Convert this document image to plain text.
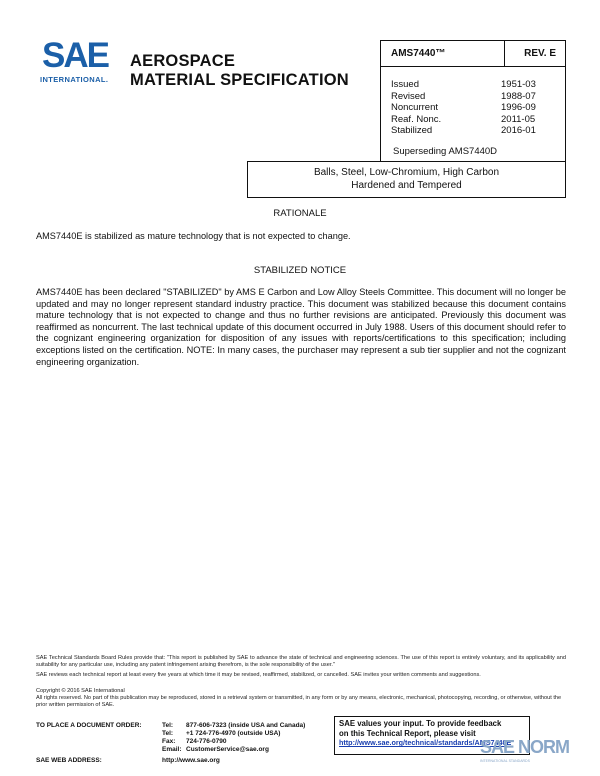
SAE
INTERNATIONAL.
AEROSPACE
MATERIAL SPECIFICATION
AMS7440™	REV. E
Issued	1951-03
Revised	1988-07
Noncurrent	1996-09
Reaf. Nonc.	2011-05
Stabilized	2016-01
Superseding AMS7440D
Balls, Steel, Low-Chromium, High Carbon
Hardened and Tempered
RATIONALE
AMS7440E is stabilized as mature technology that is not expected to change.
STABILIZED NOTICE
AMS7440E has been declared "STABILIZED" by AMS E Carbon and Low Alloy Steels Committee. This document will no longer be updated and may no longer represent standard industry practice. This document was stabilized because this document contains mature technology that is not expected to change and thus no further revisions are anticipated. Previously this document was reaffirmed as noncurrent. The last technical update of this document occurred in July 1988. Users of this document should refer to the cognizant engineering organization for disposition of any issues with reports/certifications to this specification; including exceptions listed on the certification. NOTE: In many cases, the purchaser may represent a sub tier supplier and not the cognizant engineering organization.
SAE Technical Standards Board Rules provide that: "This report is published by SAE to advance the state of technical and engineering sciences. The use of this report is entirely voluntary, and its applicability and suitability for any particular use, including any patent infringement arising therefrom, is the sole responsibility of the user."
SAE reviews each technical report at least every five years at which time it may be revised, reaffirmed, stabilized, or cancelled. SAE invites your written comments and suggestions.
Copyright © 2016 SAE International
All rights reserved. No part of this publication may be reproduced, stored in a retrieval system or transmitted, in any form or by any means, electronic, mechanical, photocopying, recording, or otherwise, without the prior written permission of SAE.
TO PLACE A DOCUMENT ORDER:	Tel:	877-606-7323 (inside USA and Canada)
Tel:	+1 724-776-4970 (outside USA)
Fax:	724-776-0790
Email: CustomerService@sae.org
SAE WEB ADDRESS:	http://www.sae.org
SAE values your input. To provide feedback
on this Technical Report, please visit
http://www.sae.org/technical/standards/AMS7440E
SAE NORM
INTERNATIONAL STANDARDS
